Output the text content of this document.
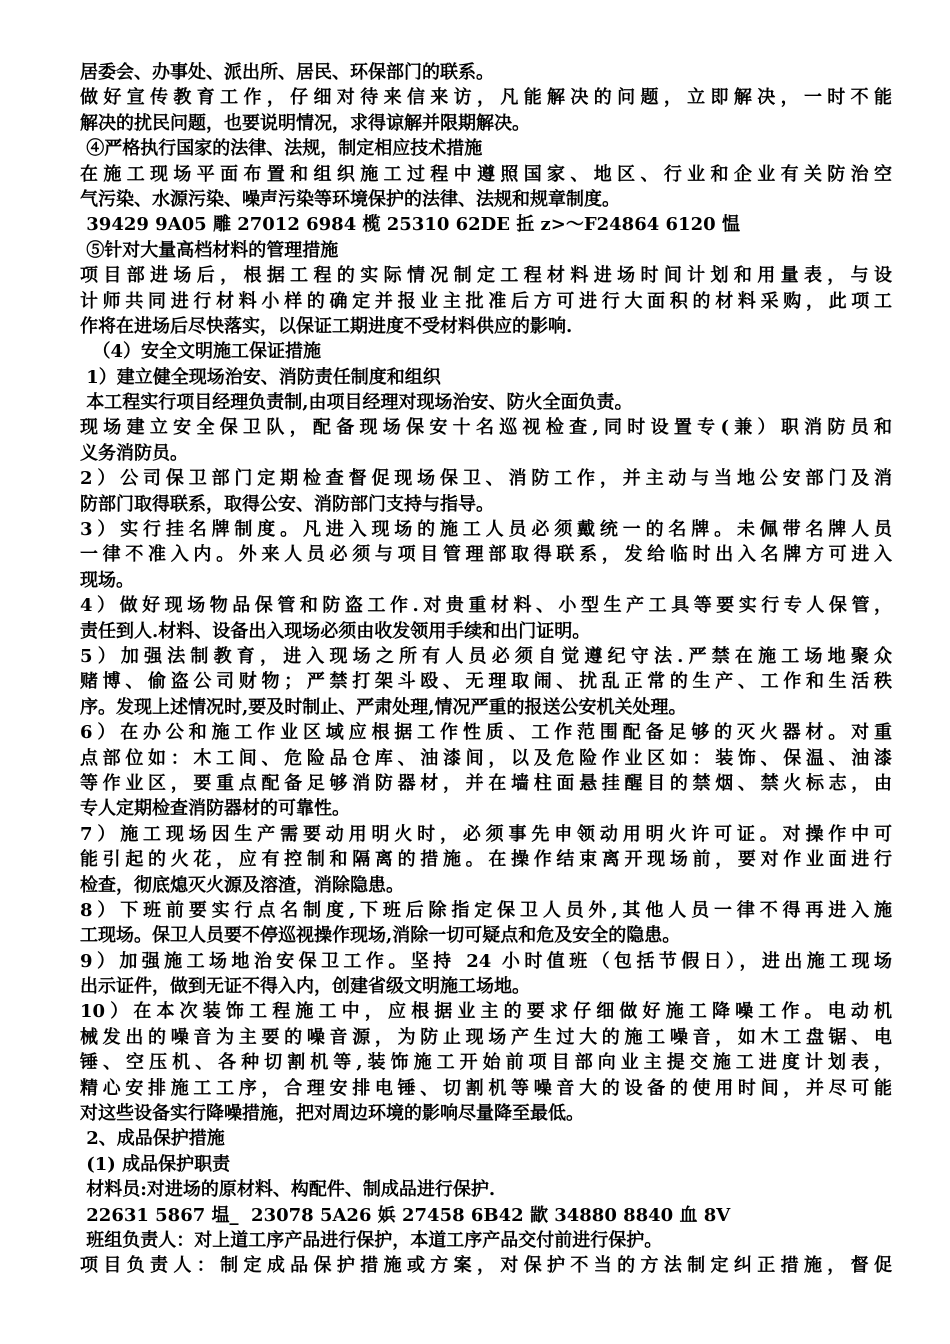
居委会、办事处、派出所、居民、环保部门的联系。
做好宣传教育工作，仔细对待来信来访，凡能解决的问题，立即解决，一时不能
解决的扰民问题，也要说明情况，求得谅解并限期解决。
④严格执行国家的法律、法规，制定相应技术措施
在施工现场平面布置和组织施工过程中遵照国家、地区、行业和企业有关防治空
气污染、水源污染、噪声污染等环境保护的法律、法规和规章制度。
39429 9A05 雕 27012 6984 榄 25310 62DE 拞 z>～F24864 6120 愠
⑤针对大量高档材料的管理措施
项目部进场后，根据工程的实际情况制定工程材料进场时间计划和用量表，与设
计师共同进行材料小样的确定并报业主批准后方可进行大面积的材料采购，此项工
作将在进场后尽快落实，以保证工期进度不受材料供应的影响.
（4）安全文明施工保证措施
1）建立健全现场治安、消防责任制度和组织
本工程实行项目经理负责制,由项目经理对现场治安、防火全面负责。
现场建立安全保卫队，配备现场保安十名巡视检查,同时设置专(兼）职消防员和
义务消防员。
2）公司保卫部门定期检查督促现场保卫、消防工作，并主动与当地公安部门及消
防部门取得联系，取得公安、消防部门支持与指导。
3）实行挂名牌制度。凡进入现场的施工人员必须戴统一的名牌。未佩带名牌人员
一律不准入内。外来人员必须与项目管理部取得联系，发给临时出入名牌方可进入
现场。
4）做好现场物品保管和防盗工作.对贵重材料、小型生产工具等要实行专人保管，
责任到人.材料、设备出入现场必须由收发领用手续和出门证明。
5）加强法制教育，进入现场之所有人员必须自觉遵纪守法.严禁在施工场地聚众
赌博、偷盗公司财物；严禁打架斗殴、无理取闹、扰乱正常的生产、工作和生活秩
序。发现上述情况时,要及时制止、严肃处理,情况严重的报送公安机关处理。
6）在办公和施工作业区域应根据工作性质、工作范围配备足够的灭火器材。对重
点部位如：木工间、危险品仓库、油漆间，以及危险作业区如：装饰、保温、油漆
等作业区，要重点配备足够消防器材，并在墙柱面悬挂醒目的禁烟、禁火标志，由
专人定期检查消防器材的可靠性。
7）施工现场因生产需要动用明火时，必须事先申领动用明火许可证。对操作中可
能引起的火花，应有控制和隔离的措施。在操作结束离开现场前，要对作业面进行
检查，彻底熄灭火源及溶渣，消除隐患。
8）下班前要实行点名制度,下班后除指定保卫人员外,其他人员一律不得再进入施
工现场。保卫人员要不停巡视操作现场,消除一切可疑点和危及安全的隐患。
9）加强施工场地治安保卫工作。坚持 24 小时值班（包括节假日），进出施工现场
出示证件，做到无证不得入内，创建省级文明施工场地。
10）在本次装饰工程施工中，应根据业主的要求仔细做好施工降噪工作。电动机
械发出的噪音为主要的噪音源，为防止现场产生过大的施工噪音，如木工盘锯、电
锤、空压机、各种切割机等,装饰施工开始前项目部向业主提交施工进度计划表，
精心安排施工工序，合理安排电锤、切割机等噪音大的设备的使用时间，并尽可能
对这些设备实行降噪措施，把对周边环境的影响尽量降至最低。
2、成品保护措施
(1) 成品保护职责
材料员:对进场的原材料、构配件、制成品进行保护.
22631 5867 塭_  23078 5A26 娦 27458 6B42 歂 34880 8840 血 8V
班组负责人：对上道工序产品进行保护，本道工序产品交付前进行保护。
项目负责人：制定成品保护措施或方案，对保护不当的方法制定纠正措施，督促
